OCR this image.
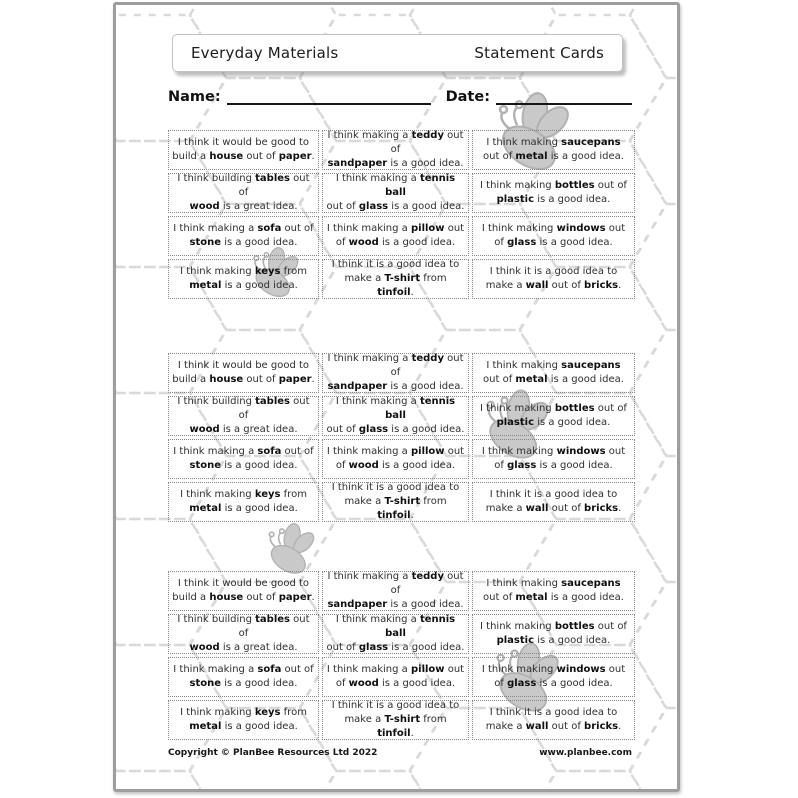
Everyday Materials	Statement Cards
Name:	Date:
I think it would be good to
build a house out of paper.
I think making a teddy out of
sandpaper is a good idea.
I think making saucepans
out of metal is a good idea.
I think building tables out of
wood is a great idea.
I think making a tennis ball
out of glass is a good idea.
I think making bottles out of
plastic is a good idea.
I think making a sofa out of
stone is a good idea.
I think making a pillow out
of wood is a good idea.
I think making windows out
of glass is a good idea.
I think making keys from
metal is a good idea.
I think it is a good idea to
make a T-shirt from tinfoil.
I think it is a good idea to
make a wall out of bricks.
I think it would be good to
build a house out of paper.
I think making a teddy out of
sandpaper is a good idea.
I think making saucepans
out of metal is a good idea.
I think building tables out of
wood is a great idea.
I think making a tennis ball
out of glass is a good idea.
I think making bottles out of
plastic is a good idea.
I think making a sofa out of
stone is a good idea.
I think making a pillow out
of wood is a good idea.
I think making windows out
of glass is a good idea.
I think making keys from
metal is a good idea.
I think it is a good idea to
make a T-shirt from tinfoil.
I think it is a good idea to
make a wall out of bricks.
I think it would be good to
build a house out of paper.
I think making a teddy out of
sandpaper is a good idea.
I think making saucepans
out of metal is a good idea.
I think building tables out of
wood is a great idea.
I think making a tennis ball
out of glass is a good idea.
I think making bottles out of
plastic is a good idea.
I think making a sofa out of
stone is a good idea.
I think making a pillow out
of wood is a good idea.
I think making windows out
of glass is a good idea.
I think making keys from
metal is a good idea.
I think it is a good idea to
make a T-shirt from tinfoil.
I think it is a good idea to
make a wall out of bricks.
Copyright © PlanBee Resources Ltd 2022	www.planbee.com
